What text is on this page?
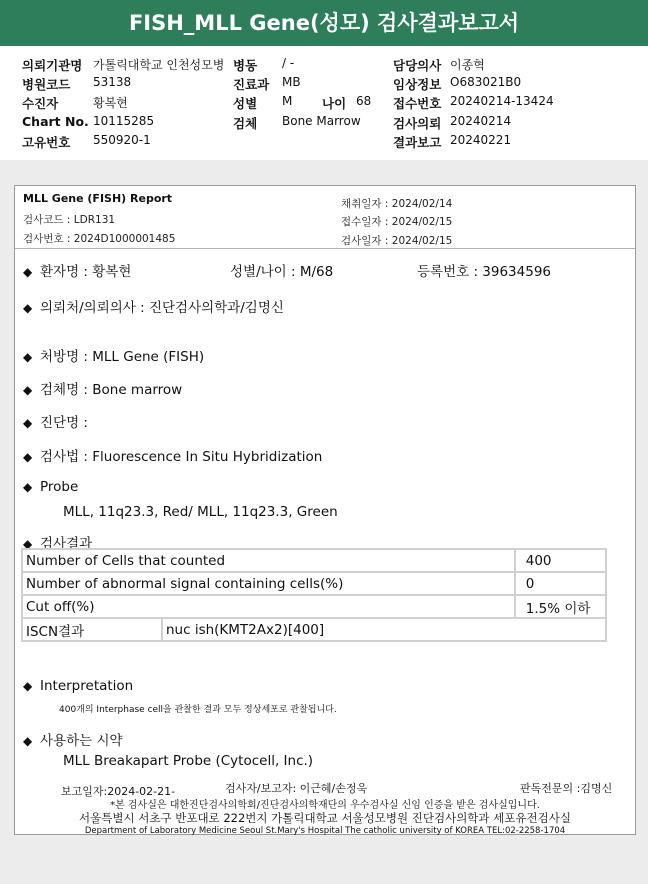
FISH_MLL Gene(성모) 검사결과보고서
의뢰기관명 가톨릭대학교 인천성모병 병동 / -	담당의사 이종혁
병원코드 53138	진료과 MB	임상정보 O683021B0
수진자	황복현	성별 M 나이 68 접수번호 20240214-13424
Chart No. 10115285	검체 Bone Marrow	검사의뢰 20240214
고유번호 550920-1	결과보고 20240221
MLL Gene (FISH) Report
검사코드 : LDR131
검사번호 : 2024D1000001485
채취일자 : 2024/02/14
접수일자 : 2024/02/15
검사일자 : 2024/02/15
◆ 환자명 : 황복현	성별/나이 : M/68	등록번호 : 39634596
◆ 의뢰처/의뢰의사 : 진단검사의학과/김명신
◆ 처방명 : MLL Gene (FISH)
◆ 검체명 : Bone marrow
◆ 진단명 :
◆ 검사법 : Fluorescence In Situ Hybridization
◆ Probe
MLL, 11q23.3, Red/ MLL, 11q23.3, Green
◆ 검사결과
Number of Cells that counted		400
Number of abnormal signal containing cells(%)		0
Cut off(%)		1.5% 이하
ISCN결과	nuc ish(KMT2Ax2)[400]	
◆ Interpretation
400개의 Interphase cell을 관찰한 결과 모두 정상세포로 관찰됩니다.
◆ 사용하는 시약
MLL Breakapart Probe (Cytocell, Inc.)
보고일자:2024-02-21-	검사자/보고자: 이근혜/손정욱	판독전문의 :김명신
*본 검사실은 대한진단검사의학회/진단검사의학재단의 우수검사실 신임 인증을 받은 검사실입니다.
서울특별시 서초구 반포대로 222번지 가톨릭대학교 서울성모병원 진단검사의학과 세포유전검사실
Department of Laboratory Medicine Seoul St.Mary's Hospital The catholic university of KOREA TEL:02-2258-1704
